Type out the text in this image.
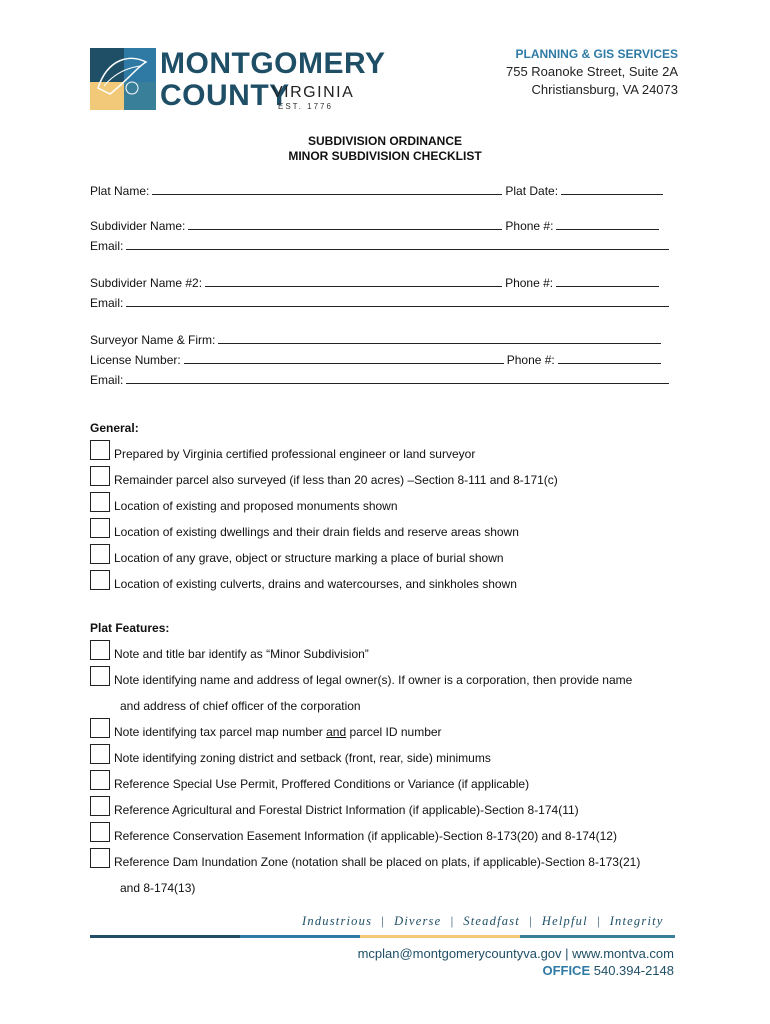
MONTGOMERY
COUNTY
VIRGINIA
EST. 1776
PLANNING & GIS SERVICES
755 Roanoke Street, Suite 2A
Christiansburg, VA 24073
SUBDIVISION ORDINANCE
MINOR SUBDIVISION CHECKLIST
Plat Name:	Plat Date:
Subdivider Name:	Phone #:
Email:
Subdivider Name #2:	Phone #:
Email:
Surveyor Name & Firm:
License Number:	Phone #:
Email:
General:
Prepared by Virginia certified professional engineer or land surveyor
Remainder parcel also surveyed (if less than 20 acres) –Section 8-111 and 8-171(c)
Location of existing and proposed monuments shown
Location of existing dwellings and their drain fields and reserve areas shown
Location of any grave, object or structure marking a place of burial shown
Location of existing culverts, drains and watercourses, and sinkholes shown
Plat Features:
Note and title bar identify as “Minor Subdivision”
Note identifying name and address of legal owner(s). If owner is a corporation, then provide name
and address of chief officer of the corporation
Note identifying tax parcel map number and parcel ID number
Note identifying zoning district and setback (front, rear, side) minimums
Reference Special Use Permit, Proffered Conditions or Variance (if applicable)
Reference Agricultural and Forestal District Information (if applicable)-Section 8-174(11)
Reference Conservation Easement Information (if applicable)-Section 8-173(20) and 8-174(12)
Reference Dam Inundation Zone (notation shall be placed on plats, if applicable)-Section 8-173(21)
and 8-174(13)
Industrious  |  Diverse  |  Steadfast  |  Helpful  |  Integrity
mcplan@montgomerycountyva.gov | www.montva.com
OFFICE 540.394-2148
